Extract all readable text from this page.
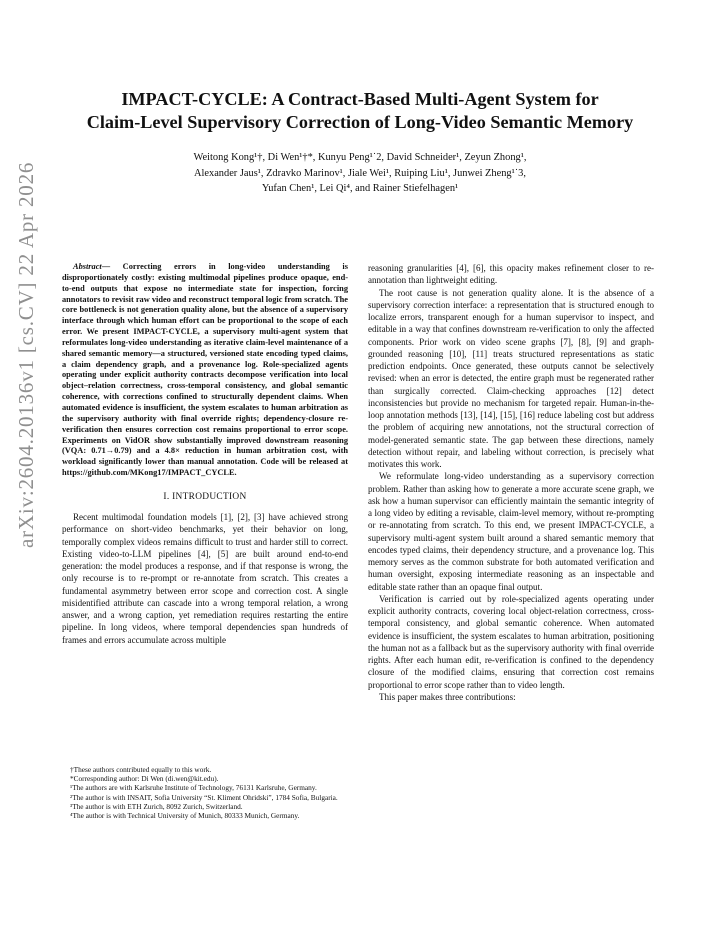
arXiv:2604.20136v1 [cs.CV] 22 Apr 2026
IMPACT-CYCLE: A Contract-Based Multi-Agent System for
Claim-Level Supervisory Correction of Long-Video Semantic Memory
Weitong Kong¹†, Di Wen¹†*, Kunyu Peng¹˙2, David Schneider¹, Zeyun Zhong¹,
Alexander Jaus¹, Zdravko Marinov¹, Jiale Wei¹, Ruiping Liu¹, Junwei Zheng¹˙3,
Yufan Chen¹, Lei Qi⁴, and Rainer Stiefelhagen¹

Abstract— Correcting errors in long-video understanding is disproportionately costly: existing multimodal pipelines produce opaque, end-to-end outputs that expose no intermediate state for inspection, forcing annotators to revisit raw video and reconstruct temporal logic from scratch. The core bottleneck is not generation quality alone, but the absence of a supervisory interface through which human effort can be proportional to the scope of each error. We present IMPACT-CYCLE, a supervisory multi-agent system that reformulates long-video understanding as iterative claim-level maintenance of a shared semantic memory—a structured, versioned state encoding typed claims, a claim dependency graph, and a provenance log. Role-specialized agents operating under explicit authority contracts decompose verification into local object–relation correctness, cross-temporal consistency, and global semantic coherence, with corrections confined to structurally dependent claims. When automated evidence is insufficient, the system escalates to human arbitration as the supervisory authority with final override rights; dependency-closure re-verification then ensures correction cost remains proportional to error scope. Experiments on VidOR show substantially improved downstream reasoning (VQA: 0.71→0.79) and a 4.8× reduction in human arbitration cost, with workload significantly lower than manual annotation. Code will be released at https://github.com/MKong17/IMPACT_CYCLE.

I. INTRODUCTION

Recent multimodal foundation models [1], [2], [3] have achieved strong performance on short-video benchmarks, yet their behavior on long, temporally complex videos remains difficult to trust and harder still to correct. Existing video-to-LLM pipelines [4], [5] are built around end-to-end generation: the model produces a response, and if that response is wrong, the only recourse is to re-prompt or re-annotate from scratch. This creates a fundamental asymmetry between error scope and correction cost. A single misidentified attribute can cascade into a wrong temporal relation, a wrong answer, and a wrong caption, yet remediation requires restarting the entire pipeline. In long videos, where temporal dependencies span hundreds of frames and errors accumulate across multiple

†These authors contributed equally to this work.

*Corresponding author: Di Wen (di.wen@kit.edu).

¹The authors are with Karlsruhe Institute of Technology, 76131 Karlsruhe, Germany.

²The author is with INSAIT, Sofia University “St. Kliment Ohridski”, 1784 Sofia, Bulgaria.

³The author is with ETH Zurich, 8092 Zurich, Switzerland.

⁴The author is with Technical University of Munich, 80333 Munich, Germany.

reasoning granularities [4], [6], this opacity makes refinement closer to re-annotation than lightweight editing.

The root cause is not generation quality alone. It is the absence of a supervisory correction interface: a representation that is structured enough to localize errors, transparent enough for a human supervisor to inspect, and editable in a way that confines downstream re-verification to only the affected components. Prior work on video scene graphs [7], [8], [9] and graph-grounded reasoning [10], [11] treats structured representations as static prediction endpoints. Once generated, these outputs cannot be selectively revised: when an error is detected, the entire graph must be regenerated rather than surgically corrected. Claim-checking approaches [12] detect inconsistencies but provide no mechanism for targeted repair. Human-in-the-loop annotation methods [13], [14], [15], [16] reduce labeling cost but address the problem of acquiring new annotations, not the structural correction of model-generated semantic state. The gap between these directions, namely detection without repair, and labeling without correction, is precisely what motivates this work.

We reformulate long-video understanding as a supervisory correction problem. Rather than asking how to generate a more accurate scene graph, we ask how a human supervisor can efficiently maintain the semantic integrity of a long video by editing a revisable, claim-level memory, without re-prompting or re-annotating from scratch. To this end, we present IMPACT-CYCLE, a supervisory multi-agent system built around a shared semantic memory that encodes typed claims, their dependency structure, and a provenance log. This memory serves as the common substrate for both automated verification and human oversight, exposing intermediate reasoning as an inspectable and editable state rather than an opaque final output.

Verification is carried out by role-specialized agents operating under explicit authority contracts, covering local object-relation correctness, cross-temporal consistency, and global semantic coherence. When automated evidence is insufficient, the system escalates to human arbitration, positioning the human not as a fallback but as the supervisory authority with final override rights. After each human edit, re-verification is confined to the dependency closure of the modified claims, ensuring that correction cost remains proportional to error scope rather than to video length.

This paper makes three contributions:
